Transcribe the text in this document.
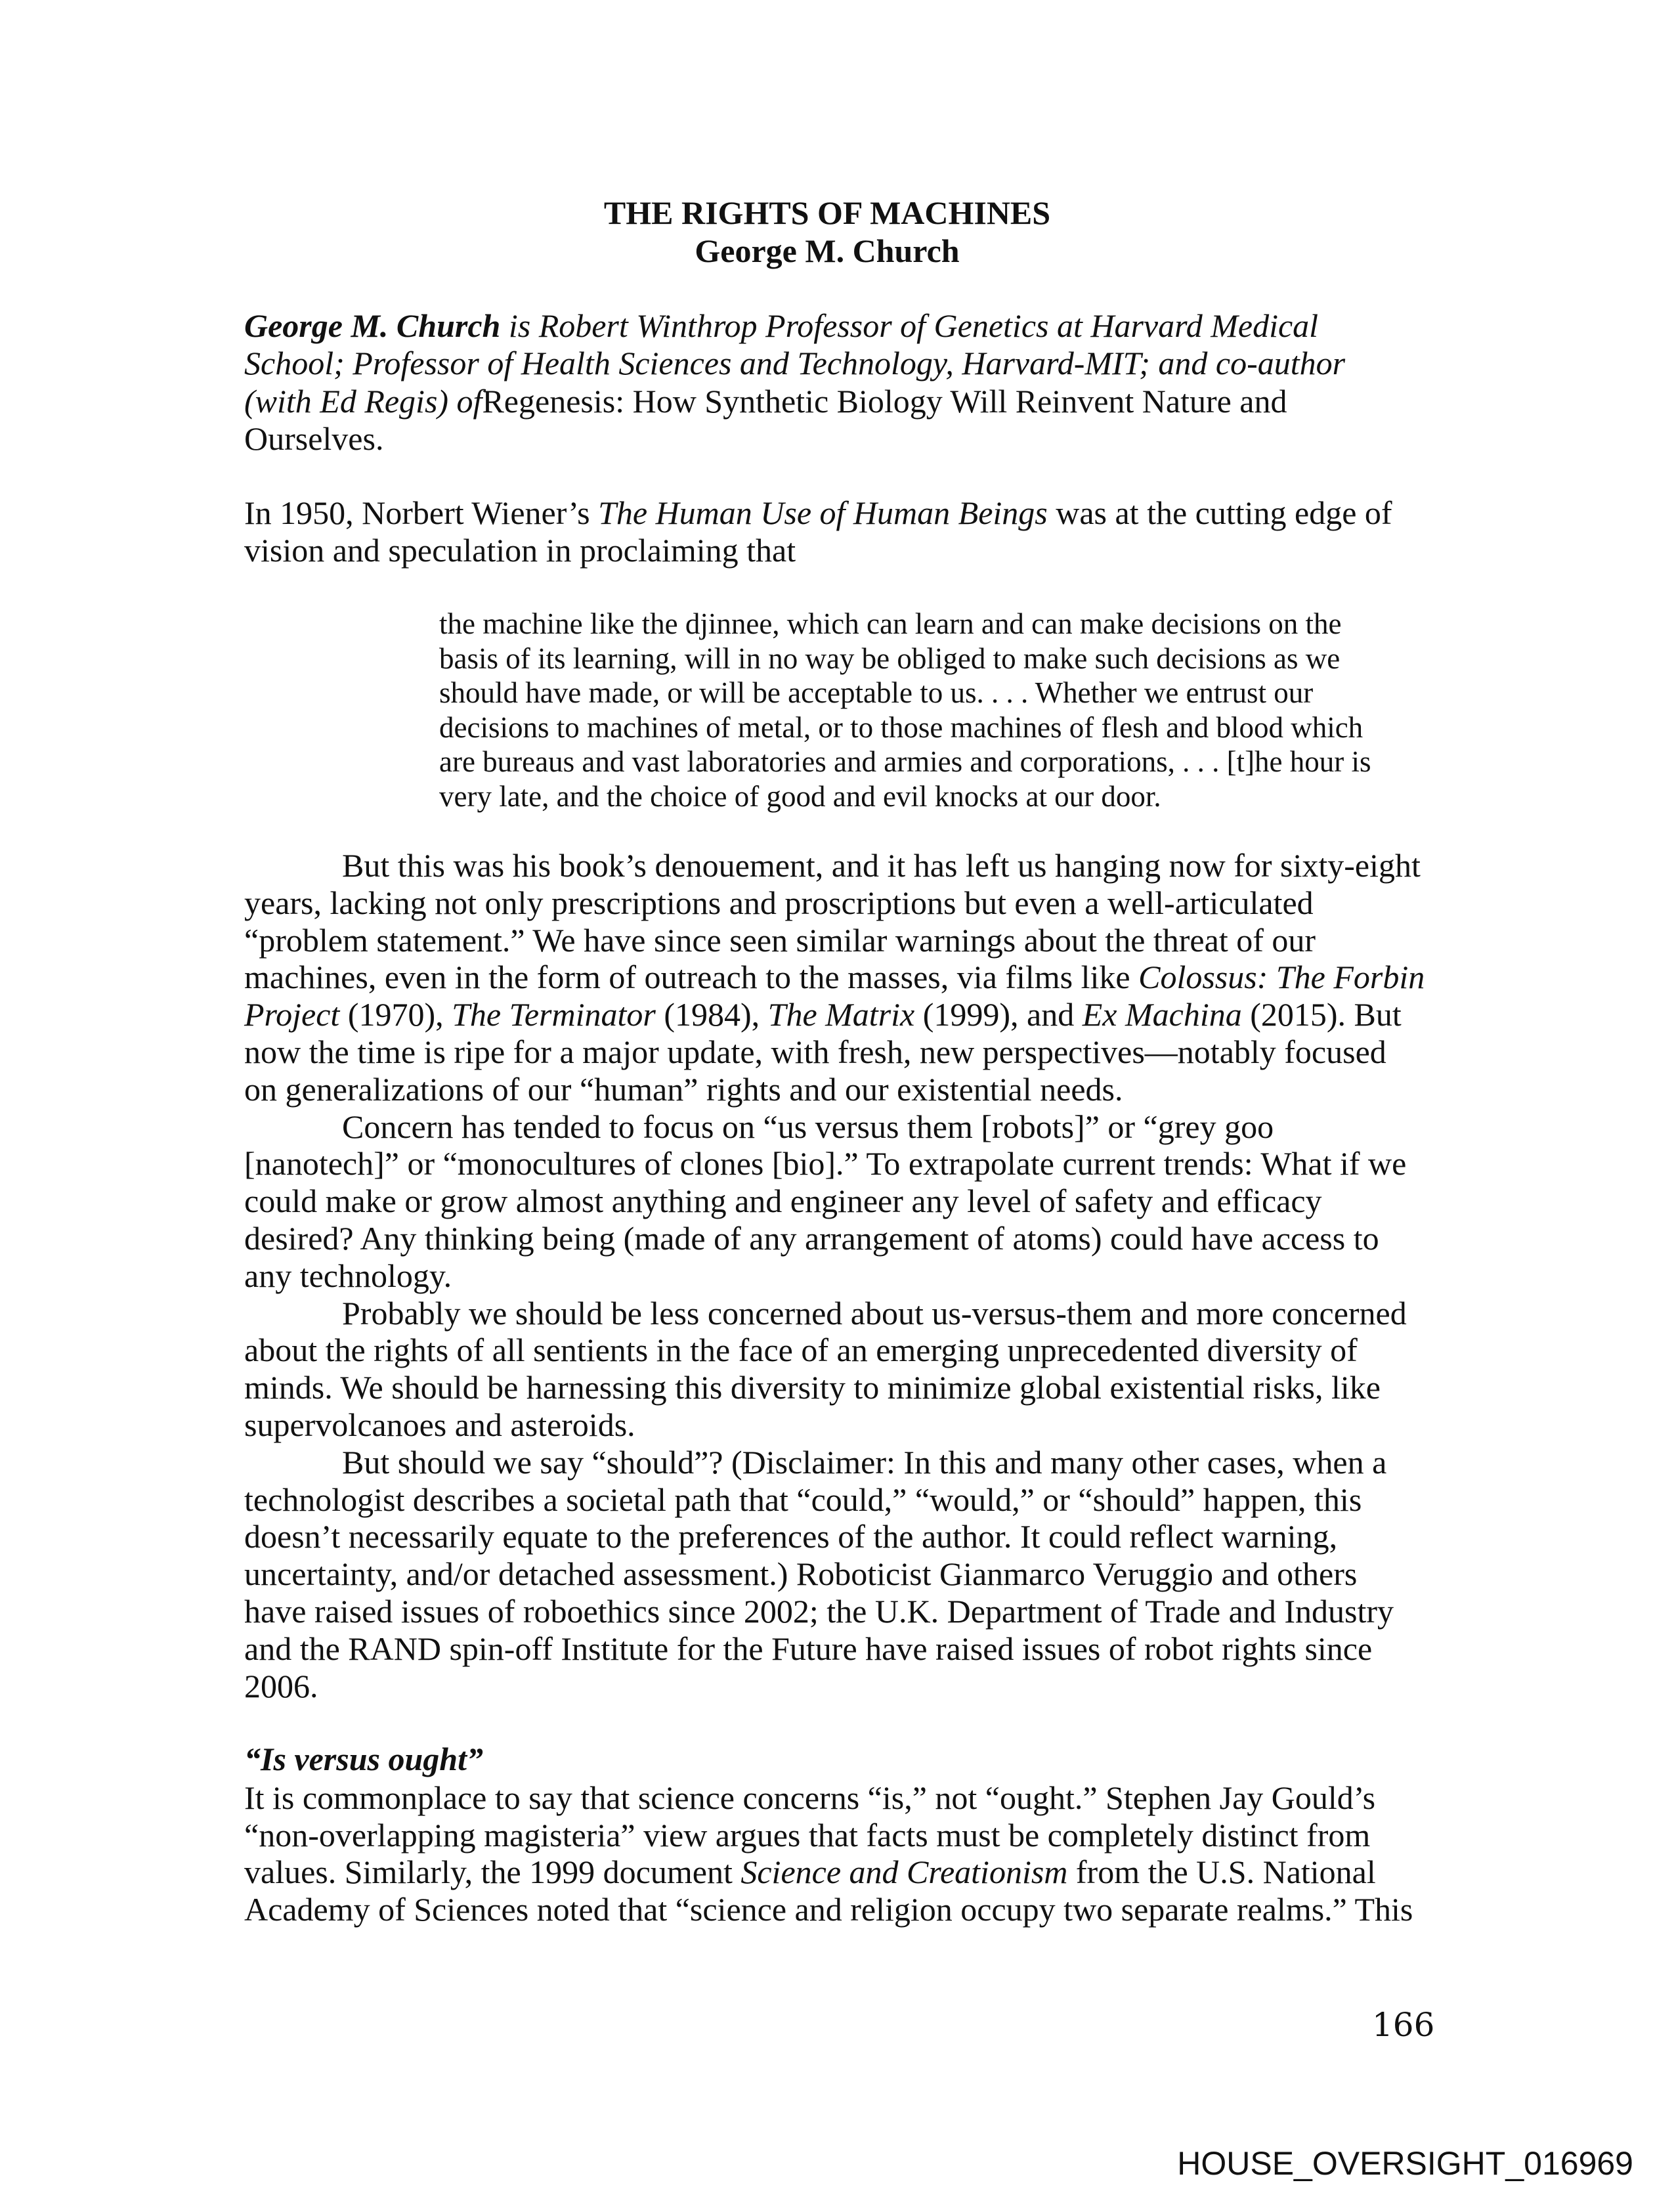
THE RIGHTS OF MACHINES
George M. Church
George M. Church is Robert Winthrop Professor of Genetics at Harvard Medical
School; Professor of Health Sciences and Technology, Harvard-MIT; and co-author
(with Ed Regis) ofRegenesis: How Synthetic Biology Will Reinvent Nature and
Ourselves.
In 1950, Norbert Wiener’s The Human Use of Human Beings was at the cutting edge of
vision and speculation in proclaiming that
the machine like the djinnee, which can learn and can make decisions on the
basis of its learning, will in no way be obliged to make such decisions as we
should have made, or will be acceptable to us. . . . Whether we entrust our
decisions to machines of metal, or to those machines of flesh and blood which
are bureaus and vast laboratories and armies and corporations, . . . [t]he hour is
very late, and the choice of good and evil knocks at our door.
But this was his book’s denouement, and it has left us hanging now for sixty-eight
years, lacking not only prescriptions and proscriptions but even a well-articulated
“problem statement.” We have since seen similar warnings about the threat of our
machines, even in the form of outreach to the masses, via films like Colossus: The Forbin
Project (1970), The Terminator (1984), The Matrix (1999), and Ex Machina (2015). But
now the time is ripe for a major update, with fresh, new perspectives—notably focused
on generalizations of our “human” rights and our existential needs.
Concern has tended to focus on “us versus them [robots]” or “grey goo
[nanotech]” or “monocultures of clones [bio].” To extrapolate current trends: What if we
could make or grow almost anything and engineer any level of safety and efficacy
desired? Any thinking being (made of any arrangement of atoms) could have access to
any technology.
Probably we should be less concerned about us-versus-them and more concerned
about the rights of all sentients in the face of an emerging unprecedented diversity of
minds. We should be harnessing this diversity to minimize global existential risks, like
supervolcanoes and asteroids.
But should we say “should”? (Disclaimer: In this and many other cases, when a
technologist describes a societal path that “could,” “would,” or “should” happen, this
doesn’t necessarily equate to the preferences of the author. It could reflect warning,
uncertainty, and/or detached assessment.) Roboticist Gianmarco Veruggio and others
have raised issues of roboethics since 2002; the U.K. Department of Trade and Industry
and the RAND spin-off Institute for the Future have raised issues of robot rights since
2006.
“Is versus ought”
It is commonplace to say that science concerns “is,” not “ought.” Stephen Jay Gould’s
“non-overlapping magisteria” view argues that facts must be completely distinct from
values. Similarly, the 1999 document Science and Creationism from the U.S. National
Academy of Sciences noted that “science and religion occupy two separate realms.” This
166
HOUSE_OVERSIGHT_016969
